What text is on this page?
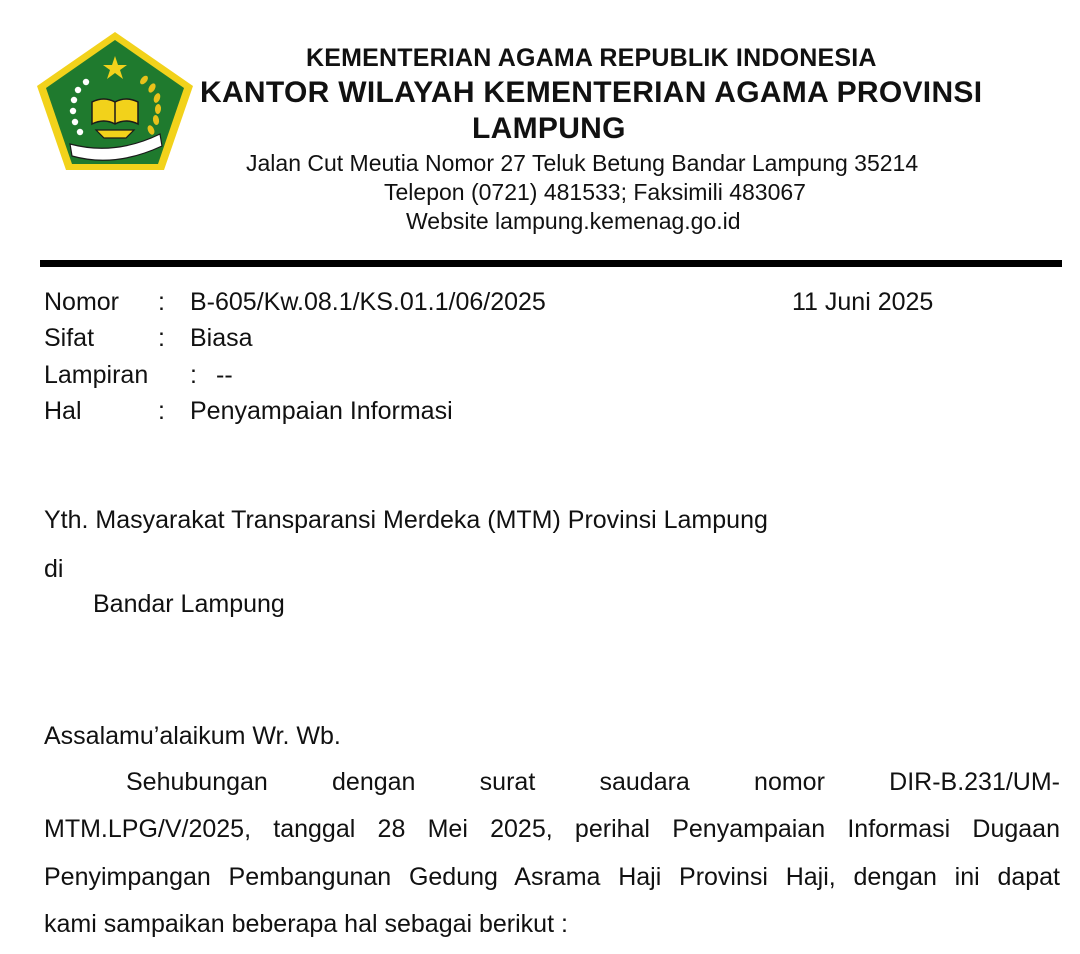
KEMENTERIAN AGAMA REPUBLIK INDONESIA
KANTOR WILAYAH KEMENTERIAN AGAMA PROVINSI
LAMPUNG
Jalan Cut Meutia Nomor 27 Teluk Betung Bandar Lampung 35214
Telepon (0721) 481533; Faksimili 483067
Website lampung.kemenag.go.id
Nomor : B-605/Kw.08.1/KS.01.1/06/2025	11 Juni 2025
Sifat	: Biasa
Lampiran : --
Hal	: Penyampaian Informasi
Yth. Masyarakat Transparansi Merdeka (MTM) Provinsi Lampung
di
Bandar Lampung
Assalamu’alaikum Wr. Wb.
Sehubungan dengan surat saudara nomor DIR-B.231/UM-
MTM.LPG/V/2025, tanggal 28 Mei 2025, perihal Penyampaian Informasi Dugaan
Penyimpangan Pembangunan Gedung Asrama Haji Provinsi Haji, dengan ini dapat
kami sampaikan beberapa hal sebagai berikut :
